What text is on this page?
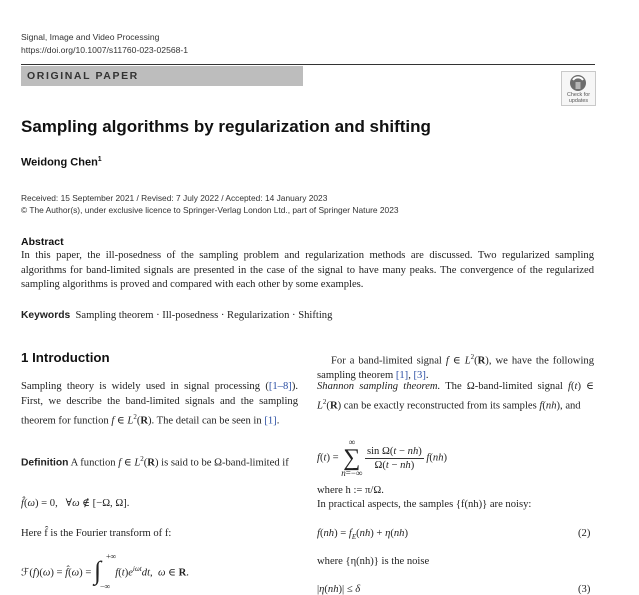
Signal, Image and Video Processing
https://doi.org/10.1007/s11760-023-02568-1
ORIGINAL PAPER
Check for updates
Sampling algorithms by regularization and shifting
Weidong Chen$^1$
Received: 15 September 2021 / Revised: 7 July 2022 / Accepted: 14 January 2023
© The Author(s), under exclusive licence to Springer-Verlag London Ltd., part of Springer Nature 2023
Abstract
In this paper, the ill-posedness of the sampling problem and regularization methods are discussed. Two regularized sampling algorithms for band-limited signals are presented in the case of the signal to have many peaks. The convergence of the regularized sampling algorithms is proved and compared with each other by some examples.
Keywords Sampling theorem · Ill-posedness · Regularization · Shifting
1 Introduction
Sampling theory is widely used in signal processing ([1–8]). First, we describe the band-limited signals and the sampling theorem for function f ∈ $L^2(R)$. The detail can be seen in [1].
Definition A function f ∈ $L^2(R)$ is said to be Ω-band-limited if
f̂(ω) = 0,   ∀ω ∉ [−Ω, Ω].
Here f̂ is the Fourier transform of f:
ℱ(f)(ω) = f̂(ω) = ∫ +∞
−∞
$f(t)e^{i\omega t}dt$,  ω ∈ R.
For a band-limited signal f ∈ $L^2(R)$, we have the following sampling theorem [1], [3].
Shannon sampling theorem. The Ω-band-limited signal f(t) ∈ $L^2(R)$ can be exactly reconstructed from its samples f(nh), and
f(t) = ∞
∑
n=−∞
$\frac{\text{sin Ω(t − nh)}}{\Omega(t - nh)} f(nh)$
where h := π/Ω.
In practical aspects, the samples {f(nh)} are noisy:
$f(nh) = f_E(nh) + \eta(nh)$	(2)
where {η(nh)} is the noise
|η(nh)| ≤ δ	(3)
